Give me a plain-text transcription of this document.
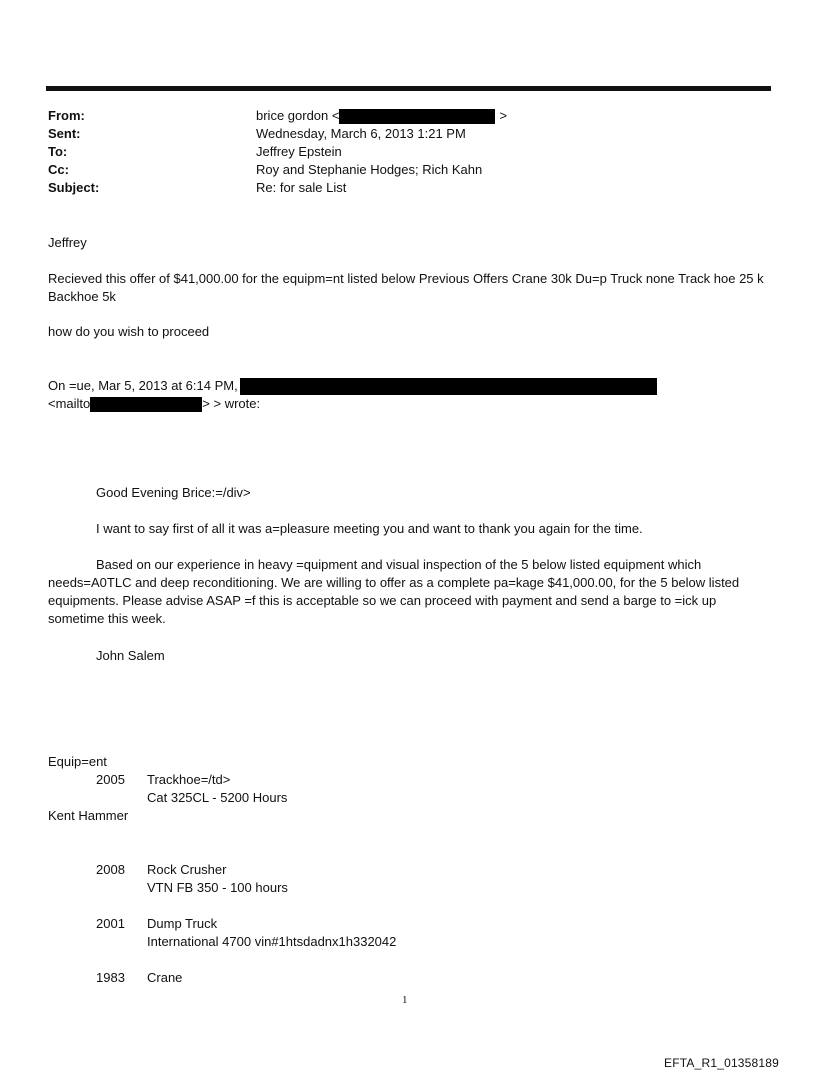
From:
Sent:
To:
Cc:
Subject:
brice gordon <	>
Wednesday, March 6, 2013 1:21 PM
Jeffrey Epstein
Roy and Stephanie Hodges; Rich Kahn
Re: for sale List
Jeffrey
Recieved this offer of $41,000.00 for the equipm=nt listed below Previous Offers Crane 30k Du=p Truck none Track hoe 25 k Backhoe 5k
how do you wish to proceed
On =ue, Mar 5, 2013 at 6:14 PM,
<mailto	> > wrote:
Good Evening Brice:=/div>
I want to say first of all it was a=pleasure meeting you and want to thank you again for the time.
Based on our experience in heavy =quipment and visual inspection of the 5 below listed equipment which needs=A0TLC and deep reconditioning. We are willing to offer as a complete pa=kage $41,000.00, for the 5 below listed equipments. Please advise ASAP =f this is acceptable so we can proceed with payment and send a barge to =ick up sometime this week.
John Salem
Equip=ent
2005 Trackhoe=/td>
Cat 325CL - 5200 Hours
Kent Hammer
2008 Rock Crusher
VTN FB 350 - 100 hours
2001 Dump Truck
International 4700 vin#1htsdadnx1h332042
1983 Crane
1
EFTA_R1_01358189
